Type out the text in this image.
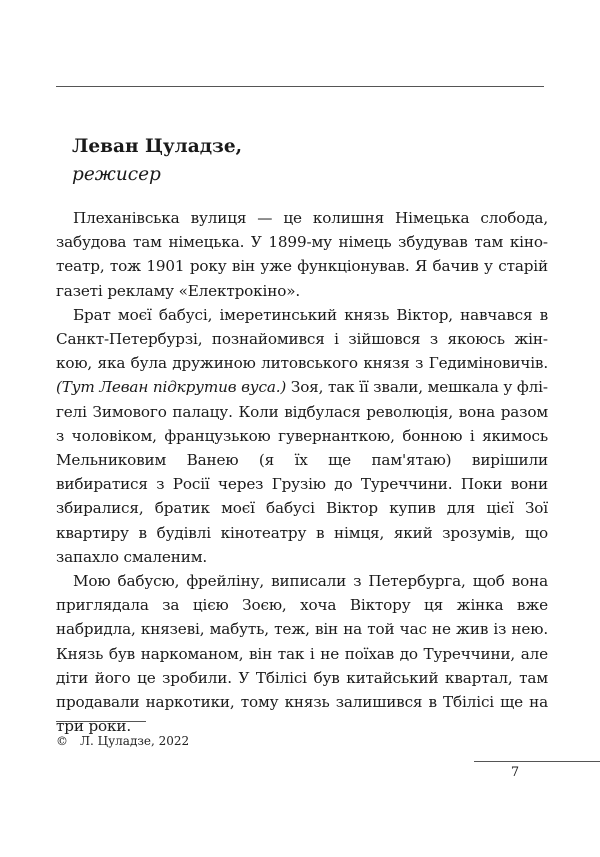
Леван Цуладзе,

режисер

Плеханівська вулиця — це колишня Німецька слобода, забудова там німецька. У 1899-му німець збудував там кінотеатр, тож 1901 року він уже функціонував. Я бачив у старій газеті рекламу «Електрокіно».

Брат моєї бабусі, імеретинський князь Віктор, навчався в Санкт-Петербурзі, познайомився і зійшовся з якоюсь жінкою, яка була дружиною литовського князя з Гедиміновичів. (Тут Леван підкрутив вуса.) Зоя, так її звали, мешкала у флігелі Зимового палацу. Коли відбулася революція, вона разом з чоловіком, французькою гувернанткою, бонною і якимось Мельниковим Ванею (я їх ще пам'ятаю) вирішили вибиратися з Росії через Грузію до Туреччини. Поки вони збиралися, братик моєї бабусі Віктор купив для цієї Зої квартиру в будівлі кінотеатру в німця, який зрозумів, що запахло смаленим.

Мою бабусю, фрейліну, виписали з Петербурга, щоб вона приглядала за цією Зоєю, хоча Віктору ця жінка вже набридла, князеві, мабуть, теж, він на той час не жив із нею. Князь був наркоманом, він так і не поїхав до Туреччини, але діти його це зробили. У Тбілісі був китайський квартал, там продавали наркотики, тому князь залишився в Тбілісі ще на три роки.

© Л. Цуладзе, 2022
7
